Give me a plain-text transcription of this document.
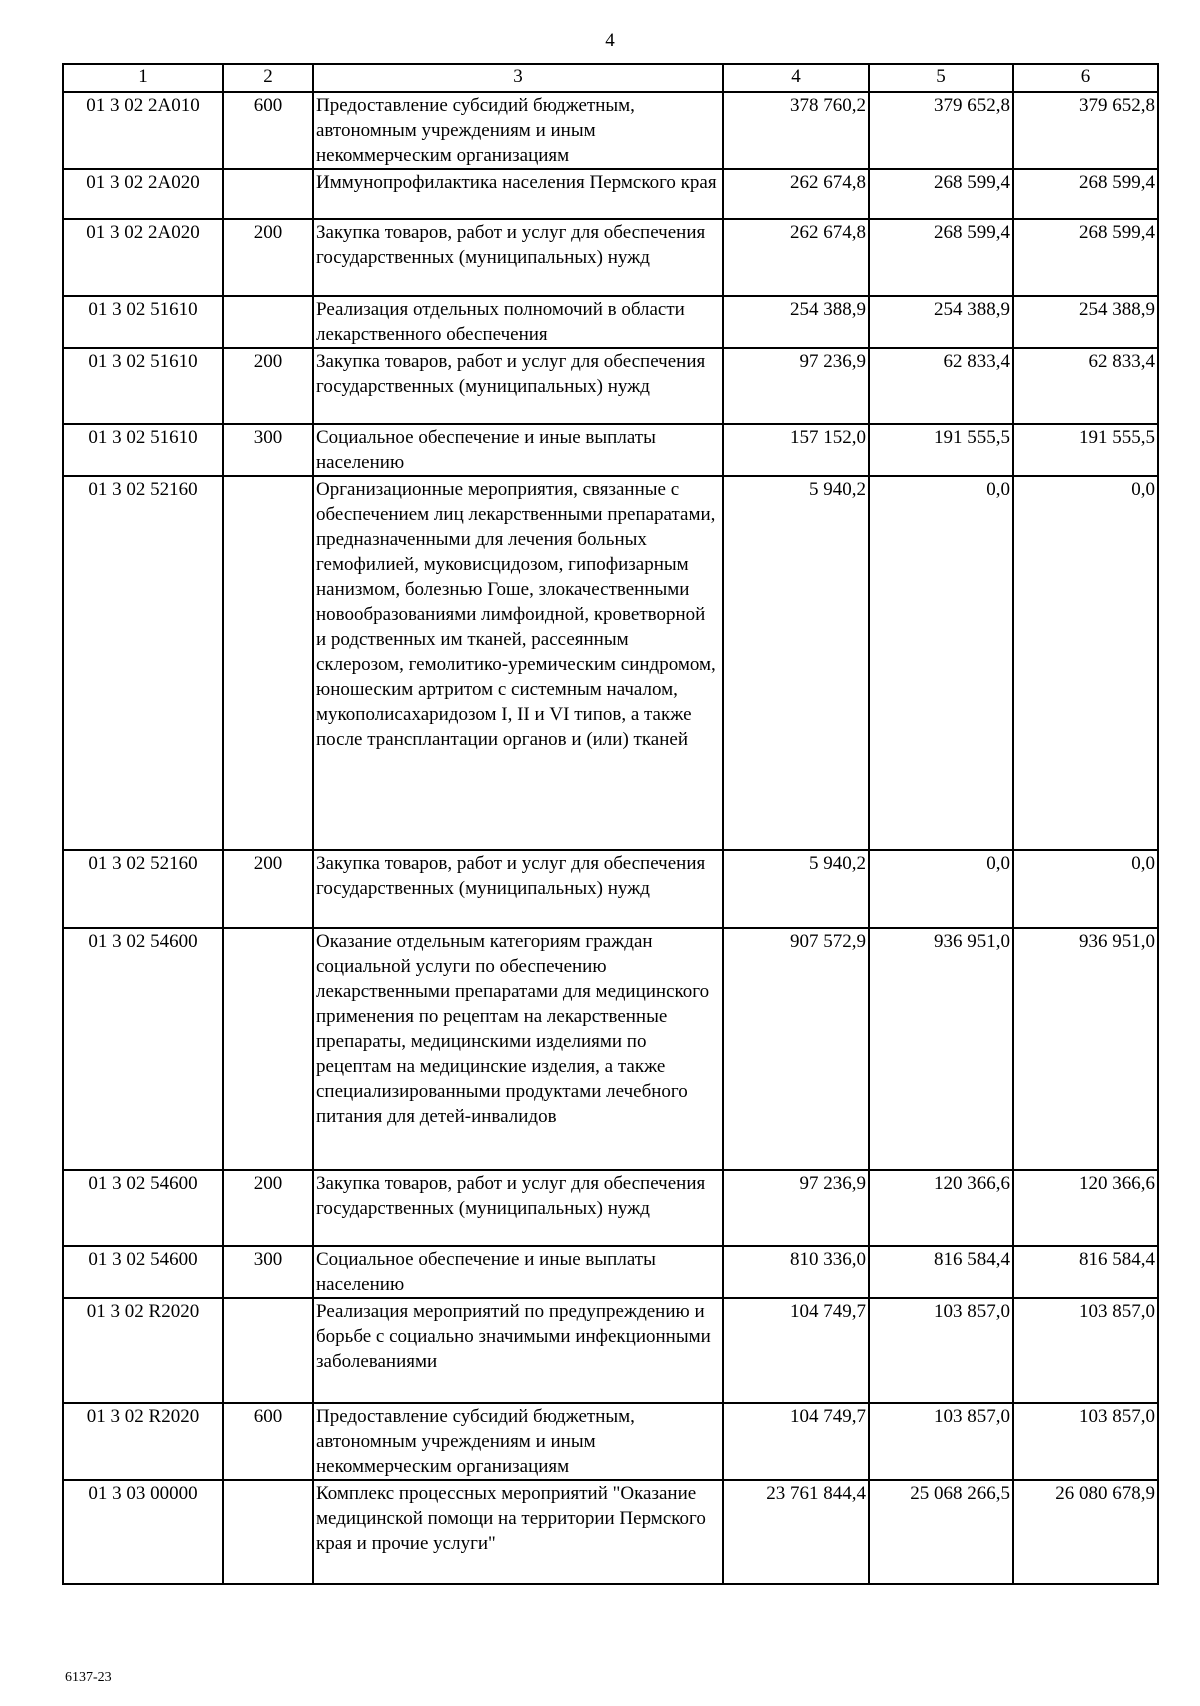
4
1	2	3	4	5	6
01 3 02 2A010	600	Предоставление субсидий бюджетным, автономным учреждениям и иным некоммерческим организациям	378 760,2	379 652,8	379 652,8
01 3 02 2A020		Иммунопрофилактика населения Пермского края	262 674,8	268 599,4	268 599,4
01 3 02 2A020	200	Закупка товаров, работ и услуг для обеспечения государственных (муниципальных) нужд	262 674,8	268 599,4	268 599,4
01 3 02 51610		Реализация отдельных полномочий в области лекарственного обеспечения	254 388,9	254 388,9	254 388,9
01 3 02 51610	200	Закупка товаров, работ и услуг для обеспечения государственных (муниципальных) нужд	97 236,9	62 833,4	62 833,4
01 3 02 51610	300	Социальное обеспечение и иные выплаты населению	157 152,0	191 555,5	191 555,5
01 3 02 52160		Организационные мероприятия, связанные с обеспечением лиц лекарственными препаратами, предназначенными для лечения больных гемофилией, муковисцидозом, гипофизарным нанизмом, болезнью Гоше, злокачественными новообразованиями лимфоидной, кроветворной и родственных им тканей, рассеянным склерозом, гемолитико-уремическим синдромом, юношеским артритом с системным началом, мукополисахаридозом I, II и VI типов, а также после трансплантации органов и (или) тканей	5 940,2	0,0	0,0
01 3 02 52160	200	Закупка товаров, работ и услуг для обеспечения государственных (муниципальных) нужд	5 940,2	0,0	0,0
01 3 02 54600		Оказание отдельным категориям граждан социальной услуги по обеспечению лекарственными препаратами для медицинского применения по рецептам на лекарственные препараты, медицинскими изделиями по рецептам на медицинские изделия, а также специализированными продуктами лечебного питания для детей-инвалидов	907 572,9	936 951,0	936 951,0
01 3 02 54600	200	Закупка товаров, работ и услуг для обеспечения государственных (муниципальных) нужд	97 236,9	120 366,6	120 366,6
01 3 02 54600	300	Социальное обеспечение и иные выплаты населению	810 336,0	816 584,4	816 584,4
01 3 02 R2020		Реализация мероприятий по предупреждению и борьбе с социально значимыми инфекционными заболеваниями	104 749,7	103 857,0	103 857,0
01 3 02 R2020	600	Предоставление субсидий бюджетным, автономным учреждениям и иным некоммерческим организациям	104 749,7	103 857,0	103 857,0
01 3 03 00000		Комплекс процессных мероприятий "Оказание медицинской помощи на территории Пермского края и прочие услуги"	23 761 844,4	25 068 266,5	26 080 678,9
6137-23
